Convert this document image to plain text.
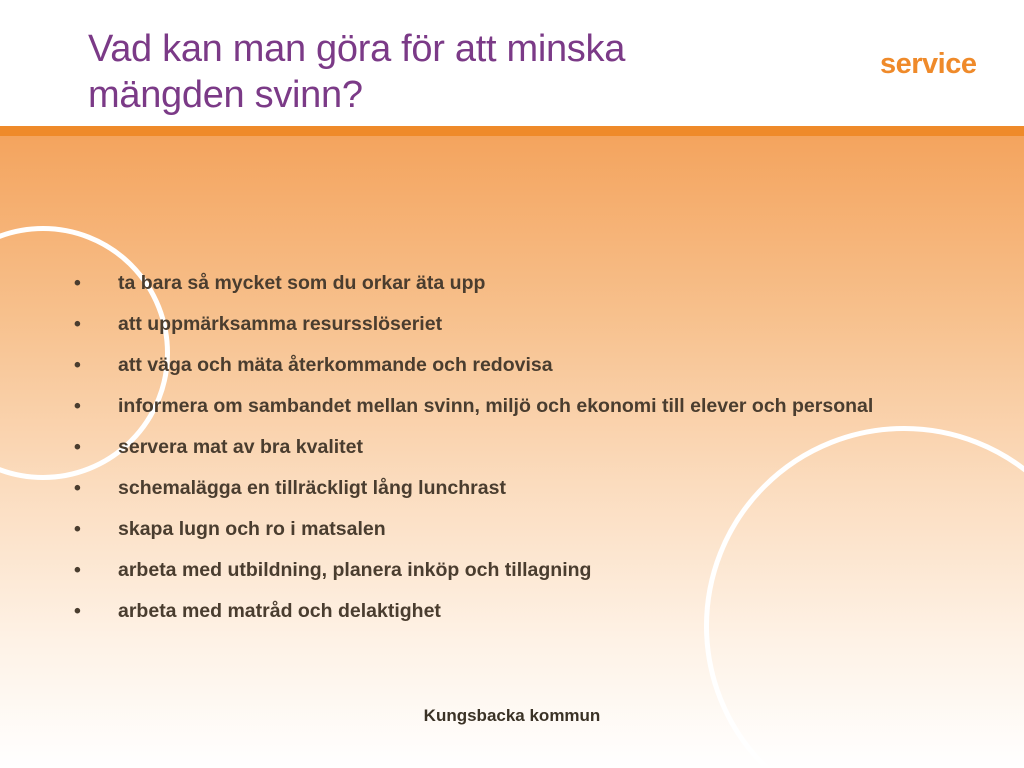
Vad kan man göra för att minska
mängden svinn?
service
• ta bara så mycket som du orkar äta upp
• att uppmärksamma resursslöseriet
• att väga och mäta återkommande och redovisa
• informera om sambandet mellan svinn, miljö och ekonomi till elever och personal
• servera mat av bra kvalitet
• schemalägga en tillräckligt lång lunchrast
• skapa lugn och ro i matsalen
• arbeta med utbildning, planera inköp och tillagning
• arbeta med matråd och delaktighet
Kungsbacka kommun
